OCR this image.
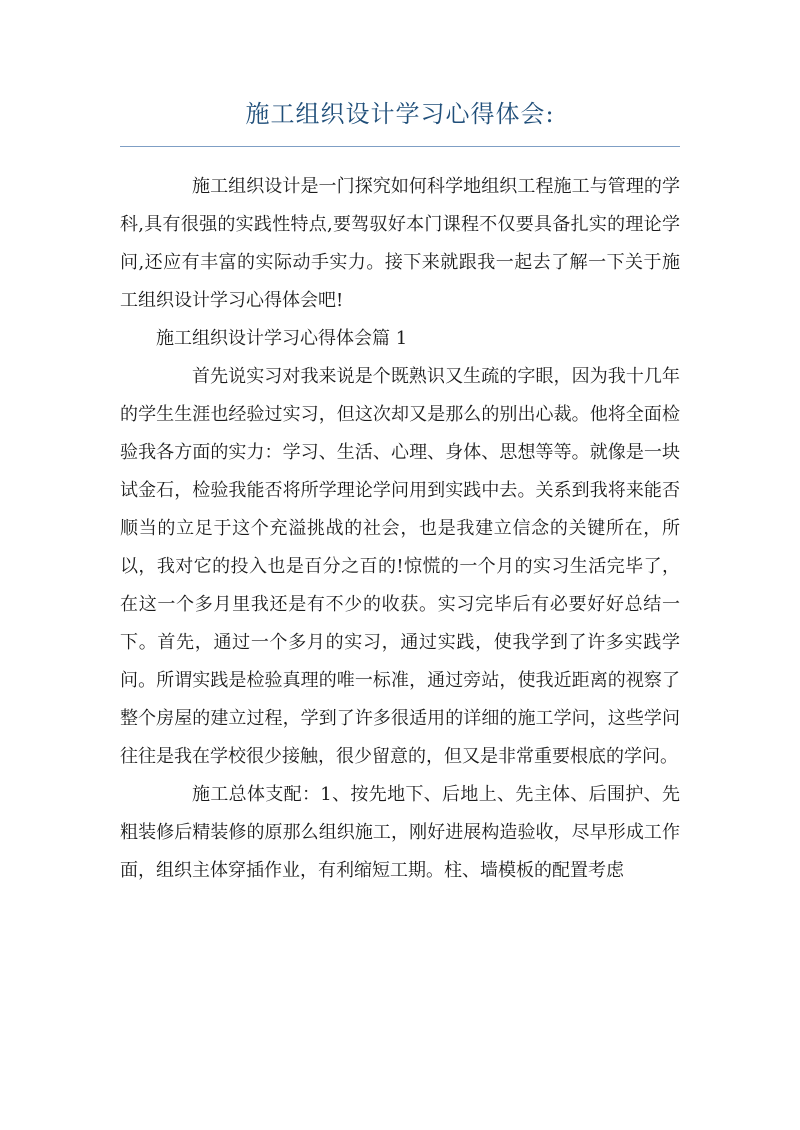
施工组织设计学习心得体会:

施工组织设计是一门探究如何科学地组织工程施工与管理的学科,具有很强的实践性特点,要驾驭好本门课程不仅要具备扎实的理论学问,还应有丰富的实际动手实力。接下来就跟我一起去了解一下关于施工组织设计学习心得体会吧!

施工组织设计学习心得体会篇 1

首先说实习对我来说是个既熟识又生疏的字眼，因为我十几年的学生生涯也经验过实习，但这次却又是那么的别出心裁。他将全面检验我各方面的实力：学习、生活、心理、身体、思想等等。就像是一块试金石，检验我能否将所学理论学问用到实践中去。关系到我将来能否顺当的立足于这个充溢挑战的社会，也是我建立信念的关键所在，所以，我对它的投入也是百分之百的!惊慌的一个月的实习生活完毕了，在这一个多月里我还是有不少的收获。实习完毕后有必要好好总结一下。首先，通过一个多月的实习，通过实践，使我学到了许多实践学问。所谓实践是检验真理的唯一标准，通过旁站，使我近距离的视察了整个房屋的建立过程，学到了许多很适用的详细的施工学问，这些学问往往是我在学校很少接触，很少留意的，但又是非常重要根底的学问。

施工总体支配：1、按先地下、后地上、先主体、后围护、先粗装修后精装修的原那么组织施工，刚好进展构造验收，尽早形成工作面，组织主体穿插作业，有利缩短工期。柱、墙模板的配置考虑
